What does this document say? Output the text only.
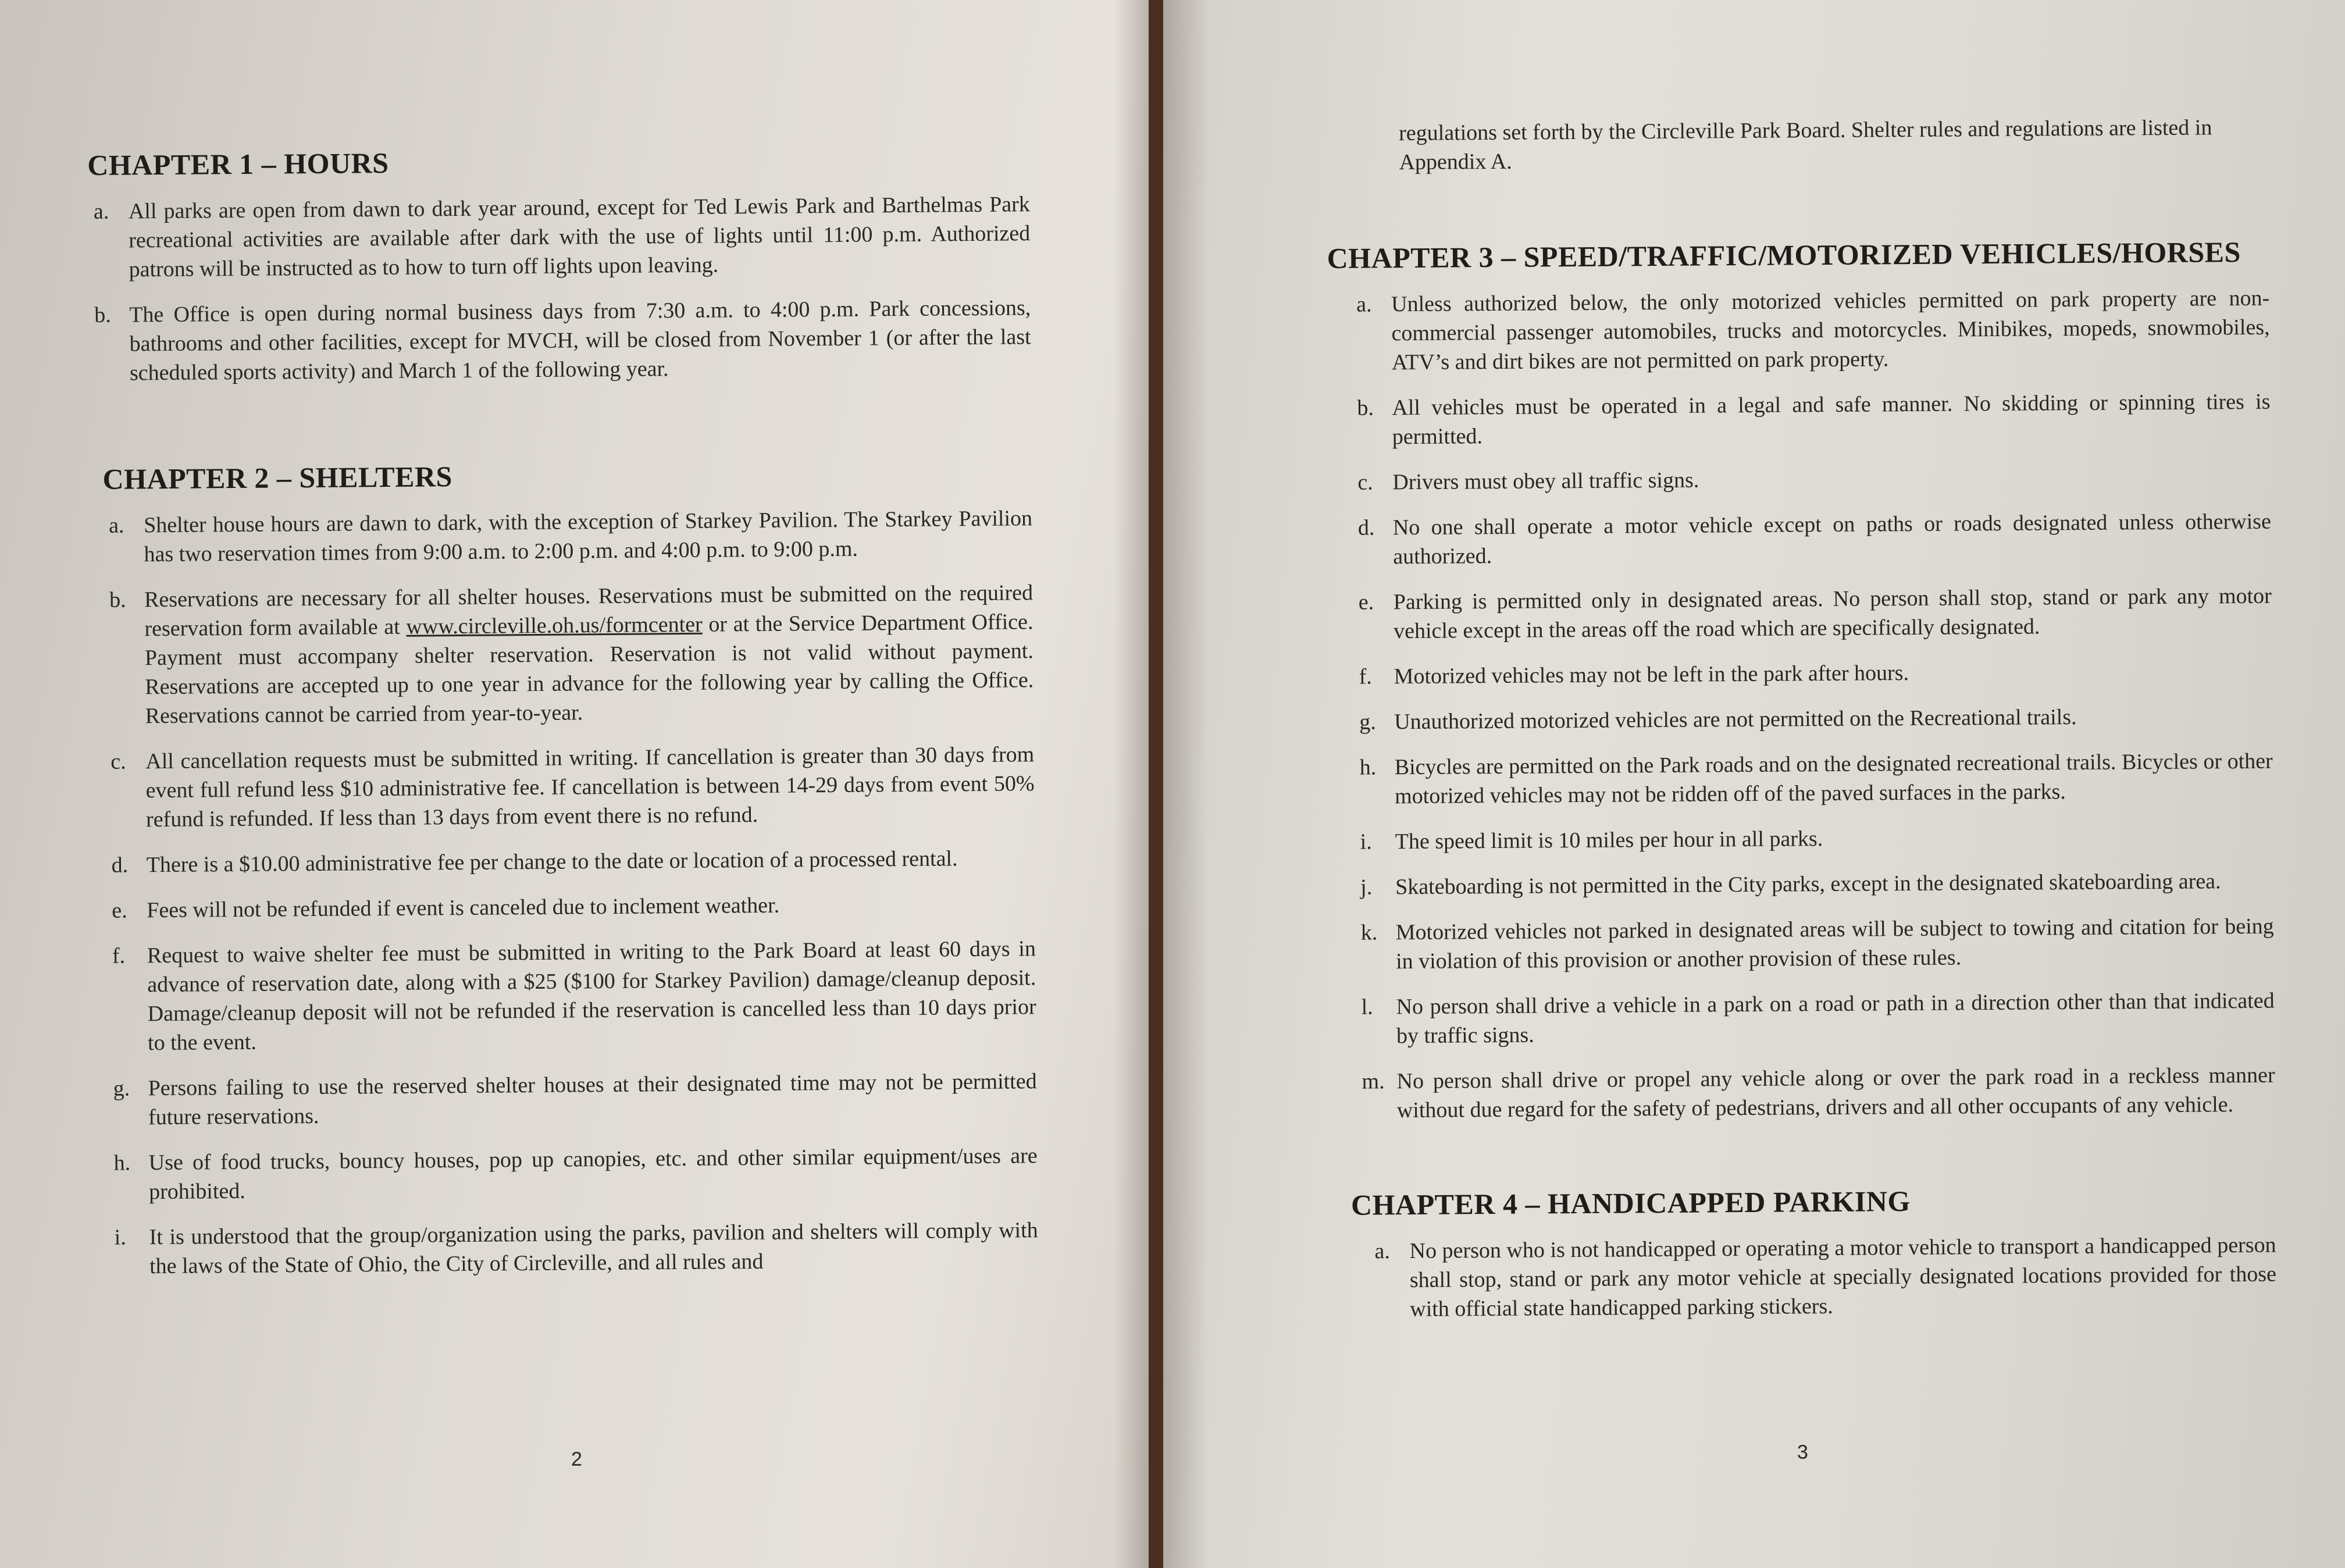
CHAPTER 1 – HOURS
a. All parks are open from dawn to dark year around, except for Ted Lewis Park and Barthelmas Park recreational activities are available after dark with the use of lights until 11:00 p.m. Authorized patrons will be instructed as to how to turn off lights upon leaving.
b. The Office is open during normal business days from 7:30 a.m. to 4:00 p.m. Park concessions, bathrooms and other facilities, except for MVCH, will be closed from November 1 (or after the last scheduled sports activity) and March 1 of the following year.
CHAPTER 2 – SHELTERS
a. Shelter house hours are dawn to dark, with the exception of Starkey Pavilion. The Starkey Pavilion has two reservation times from 9:00 a.m. to 2:00 p.m. and 4:00 p.m. to 9:00 p.m.
b. Reservations are necessary for all shelter houses. Reservations must be submitted on the required reservation form available at www.circleville.oh.us/formcenter or at the Service Department Office. Payment must accompany shelter reservation. Reservation is not valid without payment. Reservations are accepted up to one year in advance for the following year by calling the Office. Reservations cannot be carried from year-to-year.
c. All cancellation requests must be submitted in writing. If cancellation is greater than 30 days from event full refund less $10 administrative fee. If cancellation is between 14-29 days from event 50% refund is refunded. If less than 13 days from event there is no refund.
d. There is a $10.00 administrative fee per change to the date or location of a processed rental.
e. Fees will not be refunded if event is canceled due to inclement weather.
f. Request to waive shelter fee must be submitted in writing to the Park Board at least 60 days in advance of reservation date, along with a $25 ($100 for Starkey Pavilion) damage/cleanup deposit. Damage/cleanup deposit will not be refunded if the reservation is cancelled less than 10 days prior to the event.
g. Persons failing to use the reserved shelter houses at their designated time may not be permitted future reservations.
h. Use of food trucks, bouncy houses, pop up canopies, etc. and other similar equipment/uses are prohibited.
i.	It is understood that the group/organization using the parks, pavilion and shelters will comply with the laws of the State of Ohio, the City of Circleville, and all rules and
2
regulations set forth by the Circleville Park Board. Shelter rules and regulations are listed in Appendix A.
CHAPTER 3 – SPEED/TRAFFIC/MOTORIZED VEHICLES/HORSES
a. Unless authorized below, the only motorized vehicles permitted on park property are non-commercial passenger automobiles, trucks and motorcycles. Minibikes, mopeds, snowmobiles, ATV’s and dirt bikes are not permitted on park property.
b. All vehicles must be operated in a legal and safe manner. No skidding or spinning tires is permitted.
c. Drivers must obey all traffic signs.
d. No one shall operate a motor vehicle except on paths or roads designated unless otherwise authorized.
e. Parking is permitted only in designated areas. No person shall stop, stand or park any motor vehicle except in the areas off the road which are specifically designated.
f. Motorized vehicles may not be left in the park after hours.
g. Unauthorized motorized vehicles are not permitted on the Recreational trails.
h. Bicycles are permitted on the Park roads and on the designated recreational trails. Bicycles or other motorized vehicles may not be ridden off of the paved surfaces in the parks.
i.	The speed limit is 10 miles per hour in all parks.
j.	Skateboarding is not permitted in the City parks, except in the designated skateboarding area.
k. Motorized vehicles not parked in designated areas will be subject to towing and citation for being in violation of this provision or another provision of these rules.
l.	No person shall drive a vehicle in a park on a road or path in a direction other than that indicated by traffic signs.
m. No person shall drive or propel any vehicle along or over the park road in a reckless manner without due regard for the safety of pedestrians, drivers and all other occupants of any vehicle.
CHAPTER 4 – HANDICAPPED PARKING
a. No person who is not handicapped or operating a motor vehicle to transport a handicapped person shall stop, stand or park any motor vehicle at specially designated locations provided for those with official state handicapped parking stickers.
3
